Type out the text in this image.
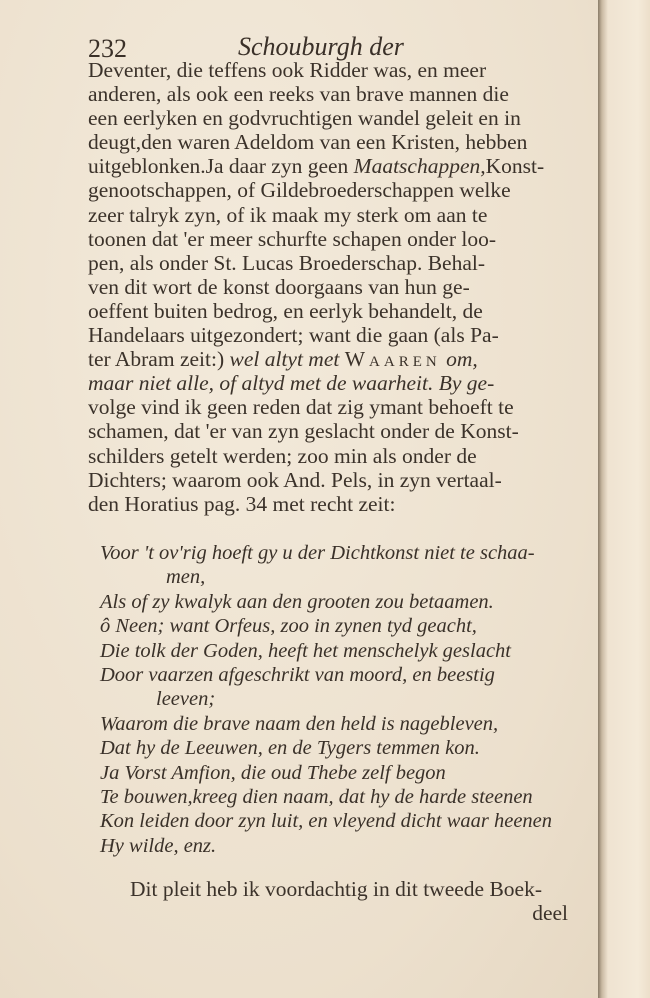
232	Schouburgh der

Deventer, die teffens ook Ridder was, en meer

anderen, als ook een reeks van brave mannen die

een eerlyken en godvruchtigen wandel geleit en in

deugt,den waren Adeldom van een Kristen, hebben

uitgeblonken.Ja daar zyn geen Maatschappen,Konst-

genootschappen, of Gildebroederschappen welke

zeer talryk zyn, of ik maak my sterk om aan te

toonen dat 'er meer schurfte schapen onder loo-

pen, als onder St. Lucas Broederschap. Behal-

ven dit wort de konst doorgaans van hun ge-

oeffent buiten bedrog, en eerlyk behandelt, de

Handelaars uitgezondert; want die gaan (als Pa-

ter Abram zeit:) wel altyt met Waaren om,

maar niet alle, of altyd met de waarheit. By ge-

volge vind ik geen reden dat zig ymant behoeft te

schamen, dat 'er van zyn geslacht onder de Konst-

schilders getelt werden; zoo min als onder de

Dichters; waarom ook And. Pels, in zyn vertaal-

den Horatius pag. 34 met recht zeit:

Voor 't ov'rig hoeft gy u der Dichtkonst niet te schaa-
men,
Als of zy kwalyk aan den grooten zou betaamen.
ô Neen; want Orfeus, zoo in zynen tyd geacht,
Die tolk der Goden, heeft het menschelyk geslacht
Door vaarzen afgeschrikt van moord, en beestig
leeven;
Waarom die brave naam den held is nagebleven,
Dat hy de Leeuwen, en de Tygers temmen kon.
Ja Vorst Amfion, die oud Thebe zelf begon
Te bouwen,kreeg dien naam, dat hy de harde steenen
Kon leiden door zyn luit, en vleyend dicht waar heenen
Hy wilde, enz.
Dit pleit heb ik voordachtig in dit tweede Boek-
deel
